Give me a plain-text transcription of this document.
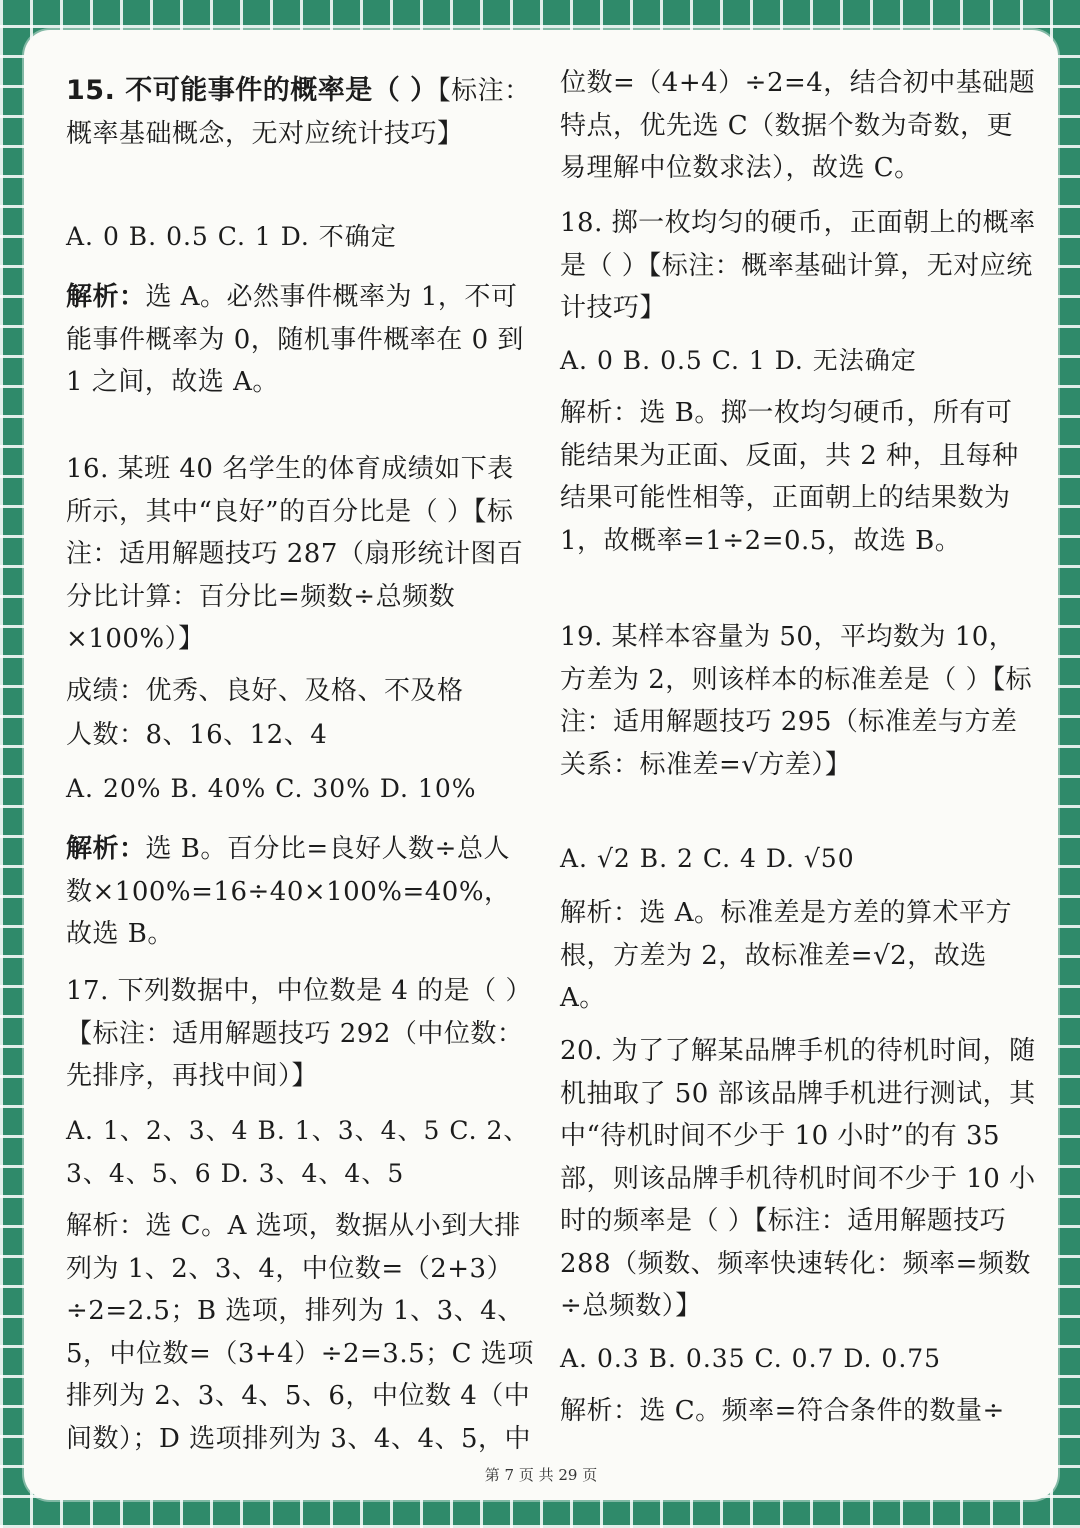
15. 不可能事件的概率是（ ）【标注：概率基础概念，无对应统计技巧】

A. 0 B. 0.5 C. 1 D. 不确定

解析：选 A。必然事件概率为 1，不可能事件概率为 0，随机事件概率在 0 到 1 之间，故选 A。

16. 某班 40 名学生的体育成绩如下表所示，其中“良好”的百分比是（ ）【标注：适用解题技巧 287（扇形统计图百分比计算：百分比=频数÷总频数×100%）】

成绩：优秀、良好、及格、不及格

人数：8、16、12、4

A. 20% B. 40% C. 30% D. 10%

解析：选 B。百分比=良好人数÷总人数×100%=16÷40×100%=40%，故选 B。

17. 下列数据中，中位数是 4 的是（ ）【标注：适用解题技巧 292（中位数：先排序，再找中间）】

A. 1、2、3、4 B. 1、3、4、5 C. 2、3、4、5、6 D. 3、4、4、5

解析：选 C。A 选项，数据从小到大排列为 1、2、3、4，中位数=（2+3）÷2=2.5；B 选项，排列为 1、3、4、5，中位数=（3+4）÷2=3.5；C 选项排列为 2、3、4、5、6，中位数 4（中间数）；D 选项排列为 3、4、4、5，中

位数=（4+4）÷2=4，结合初中基础题特点，优先选 C（数据个数为奇数，更易理解中位数求法），故选 C。

18. 掷一枚均匀的硬币，正面朝上的概率是（ ）【标注：概率基础计算，无对应统计技巧】

A. 0 B. 0.5 C. 1 D. 无法确定

解析：选 B。掷一枚均匀硬币，所有可能结果为正面、反面，共 2 种，且每种结果可能性相等，正面朝上的结果数为 1，故概率=1÷2=0.5，故选 B。

19. 某样本容量为 50，平均数为 10，方差为 2，则该样本的标准差是（ ）【标注：适用解题技巧 295（标准差与方差关系：标准差=√方差）】

A. √2 B. 2 C. 4 D. √50

解析：选 A。标准差是方差的算术平方根，方差为 2，故标准差=√2，故选 A。

20. 为了了解某品牌手机的待机时间，随机抽取了 50 部该品牌手机进行测试，其中“待机时间不少于 10 小时”的有 35 部，则该品牌手机待机时间不少于 10 小时的频率是（ ）【标注：适用解题技巧 288（频数、频率快速转化：频率=频数÷总频数）】

A. 0.3 B. 0.35 C. 0.7 D. 0.75

解析：选 C。频率=符合条件的数量÷

第 7 页 共 29 页
